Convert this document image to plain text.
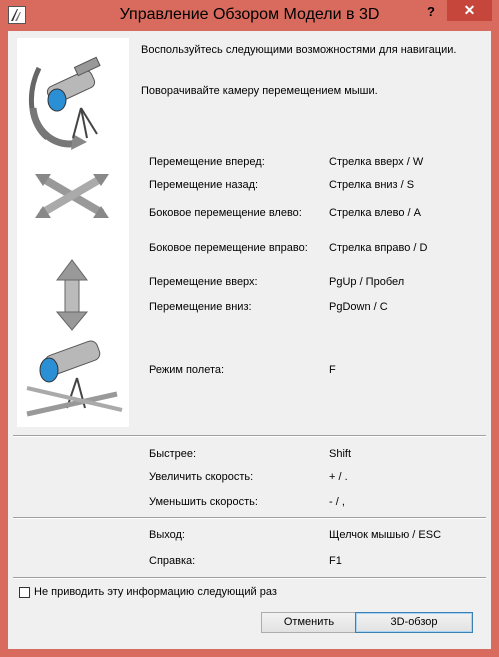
Управление Обзором Модели в 3D	?	✕
Воспользуйтесь следующими возможностями для навигации.
Поворачивайте камеру перемещением мыши.
Перемещение вперед:	Стрелка вверх / W
Перемещение назад:	Стрелка вниз / S
Боковое перемещение влево: Стрелка влево / A
Боковое перемещение вправо: Стрелка вправо / D
Перемещение вверх:	PgUp / Пробел
Перемещение вниз:	PgDown / C
Режим полета:	F
Быстрее:	Shift
Увеличить скорость:	+ / .
Уменьшить скорость:	- / ,
Выход:	Щелчок мышью / ESC
Справка:	F1
Не приводить эту информацию следующий раз
Отменить	3D-обзор
